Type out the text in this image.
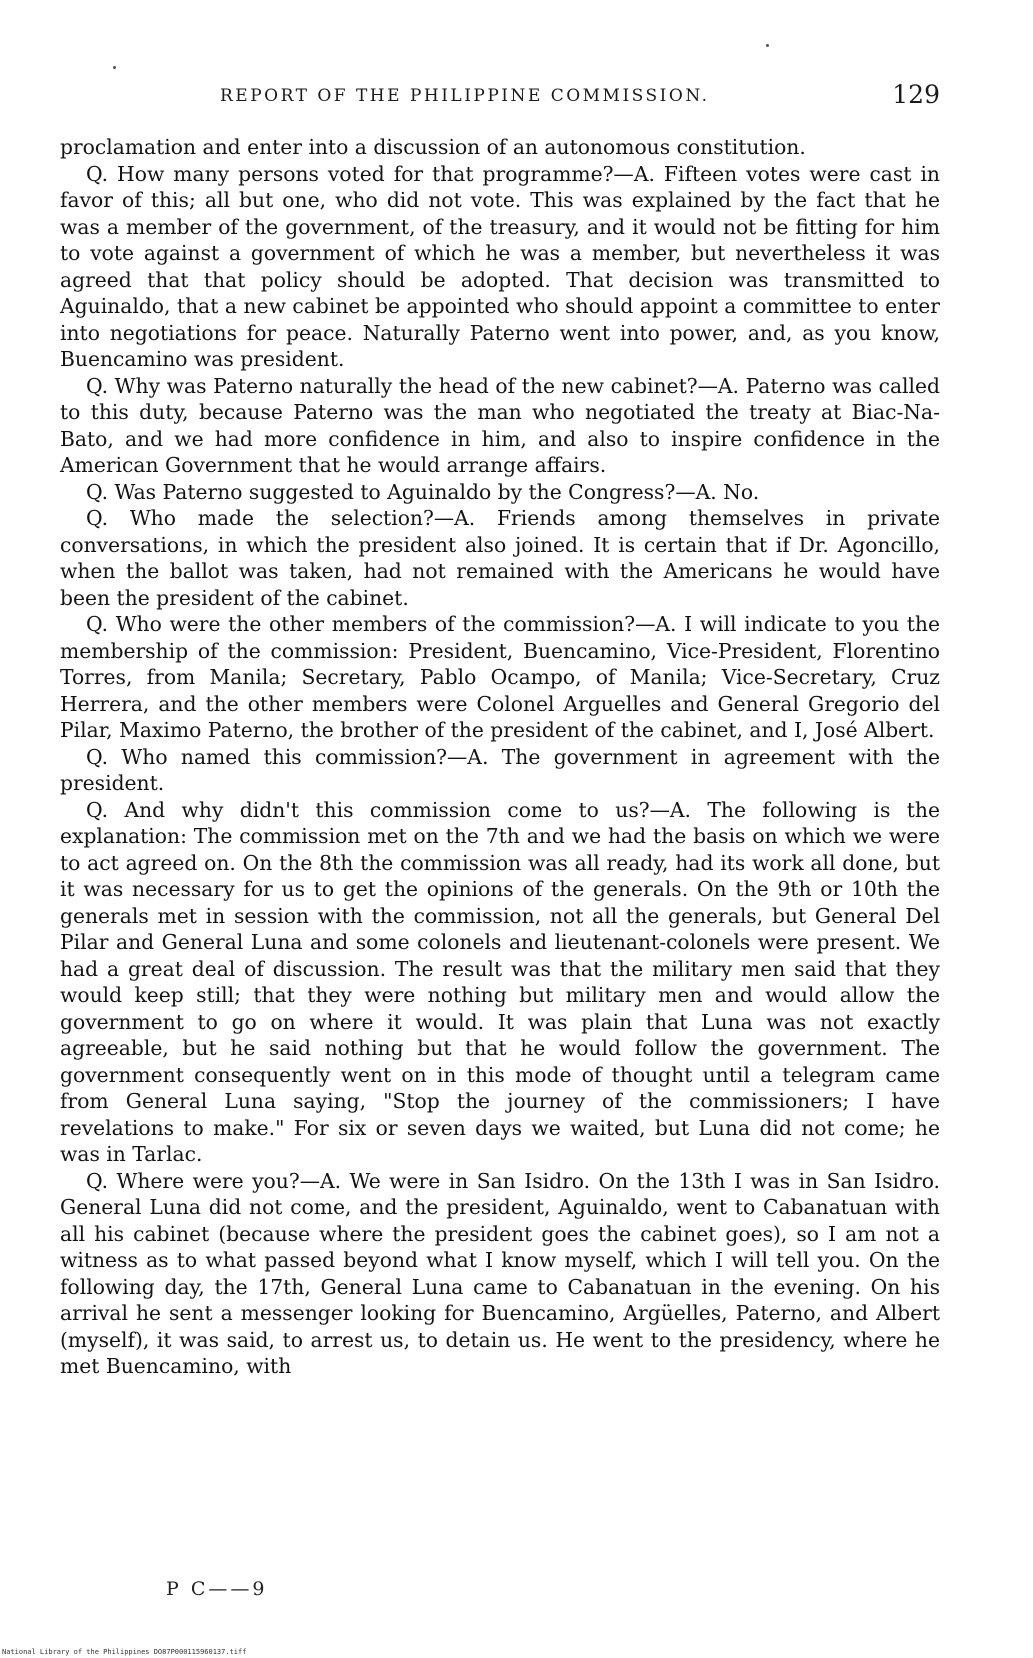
REPORT OF THE PHILIPPINE COMMISSION.	129

proclamation and enter into a discussion of an autonomous constitution.

Q. How many persons voted for that programme?—A. Fifteen votes were cast in favor of this; all but one, who did not vote. This was explained by the fact that he was a member of the government, of the treasury, and it would not be fitting for him to vote against a government of which he was a member, but nevertheless it was agreed that that policy should be adopted. That decision was transmitted to Aguinaldo, that a new cabinet be appointed who should appoint a committee to enter into negotiations for peace. Naturally Paterno went into power, and, as you know, Buencamino was president.

Q. Why was Paterno naturally the head of the new cabinet?—A. Paterno was called to this duty, because Paterno was the man who negotiated the treaty at Biac-Na-Bato, and we had more confidence in him, and also to inspire confidence in the American Government that he would arrange affairs.

Q. Was Paterno suggested to Aguinaldo by the Congress?—A. No.

Q. Who made the selection?—A. Friends among themselves in private conversations, in which the president also joined. It is certain that if Dr. Agoncillo, when the ballot was taken, had not remained with the Americans he would have been the president of the cabinet.

Q. Who were the other members of the commission?—A. I will indicate to you the membership of the commission: President, Buencamino, Vice-President, Florentino Torres, from Manila; Secretary, Pablo Ocampo, of Manila; Vice-Secretary, Cruz Herrera, and the other members were Colonel Arguelles and General Gregorio del Pilar, Maximo Paterno, the brother of the president of the cabinet, and I, José Albert.

Q. Who named this commission?—A. The government in agreement with the president.

Q. And why didn't this commission come to us?—A. The following is the explanation: The commission met on the 7th and we had the basis on which we were to act agreed on. On the 8th the commission was all ready, had its work all done, but it was necessary for us to get the opinions of the generals. On the 9th or 10th the generals met in session with the commission, not all the generals, but General Del Pilar and General Luna and some colonels and lieutenant-colonels were present. We had a great deal of discussion. The result was that the military men said that they would keep still; that they were nothing but military men and would allow the government to go on where it would. It was plain that Luna was not exactly agreeable, but he said nothing but that he would follow the government. The government consequently went on in this mode of thought until a telegram came from General Luna saying, "Stop the journey of the commissioners; I have revelations to make." For six or seven days we waited, but Luna did not come; he was in Tarlac.

Q. Where were you?—A. We were in San Isidro. On the 13th I was in San Isidro. General Luna did not come, and the president, Aguinaldo, went to Cabanatuan with all his cabinet (because where the president goes the cabinet goes), so I am not a witness as to what passed beyond what I know myself, which I will tell you. On the following day, the 17th, General Luna came to Cabanatuan in the evening. On his arrival he sent a messenger looking for Buencamino, Argüelles, Paterno, and Albert (myself), it was said, to arrest us, to detain us. He went to the presidency, where he met Buencamino, with

P C——9
National Library of the Philippines DO87P000115960137.tiff
